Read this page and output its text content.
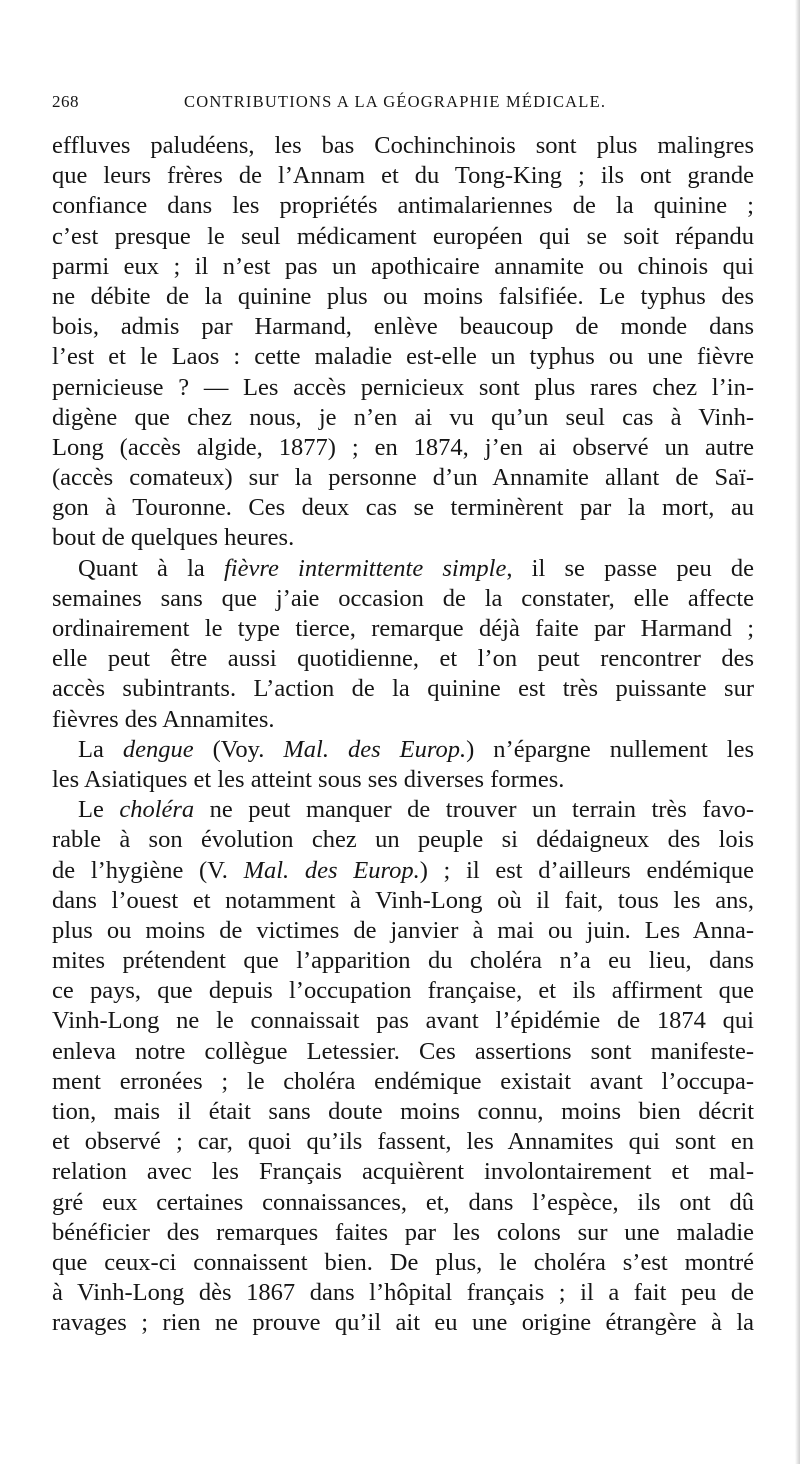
268	CONTRIBUTIONS A LA GÉOGRAPHIE MÉDICALE.
effluves paludéens, les bas Cochinchinois sont plus malingres
que leurs frères de l’Annam et du Tong-King ; ils ont grande
confiance dans les propriétés antimalariennes de la quinine ;
c’est presque le seul médicament européen qui se soit répandu
parmi eux ; il n’est pas un apothicaire annamite ou chinois qui
ne débite de la quinine plus ou moins falsifiée. Le typhus des
bois, admis par Harmand, enlève beaucoup de monde dans
l’est et le Laos : cette maladie est-elle un typhus ou une fièvre
pernicieuse ? — Les accès pernicieux sont plus rares chez l’in-
digène que chez nous, je n’en ai vu qu’un seul cas à Vinh-
Long (accès algide, 1877) ; en 1874, j’en ai observé un autre
(accès comateux) sur la personne d’un Annamite allant de Saï-
gon à Touronne. Ces deux cas se terminèrent par la mort, au
bout de quelques heures.
Quant à la fièvre intermittente simple, il se passe peu de
semaines sans que j’aie occasion de la constater, elle affecte
ordinairement le type tierce, remarque déjà faite par Harmand ;
elle peut être aussi quotidienne, et l’on peut rencontrer des
accès subintrants. L’action de la quinine est très puissante sur
fièvres des Annamites.
La dengue (Voy. Mal. des Europ.) n’épargne nullement les
les Asiatiques et les atteint sous ses diverses formes.
Le choléra ne peut manquer de trouver un terrain très favo-
rable à son évolution chez un peuple si dédaigneux des lois
de l’hygiène (V. Mal. des Europ.) ; il est d’ailleurs endémique
dans l’ouest et notamment à Vinh-Long où il fait, tous les ans,
plus ou moins de victimes de janvier à mai ou juin. Les Anna-
mites prétendent que l’apparition du choléra n’a eu lieu, dans
ce pays, que depuis l’occupation française, et ils affirment que
Vinh-Long ne le connaissait pas avant l’épidémie de 1874 qui
enleva notre collègue Letessier. Ces assertions sont manifeste-
ment erronées ; le choléra endémique existait avant l’occupa-
tion, mais il était sans doute moins connu, moins bien décrit
et observé ; car, quoi qu’ils fassent, les Annamites qui sont en
relation avec les Français acquièrent involontairement et mal-
gré eux certaines connaissances, et, dans l’espèce, ils ont dû
bénéficier des remarques faites par les colons sur une maladie
que ceux-ci connaissent bien. De plus, le choléra s’est montré
à Vinh-Long dès 1867 dans l’hôpital français ; il a fait peu de
ravages ; rien ne prouve qu’il ait eu une origine étrangère à la
